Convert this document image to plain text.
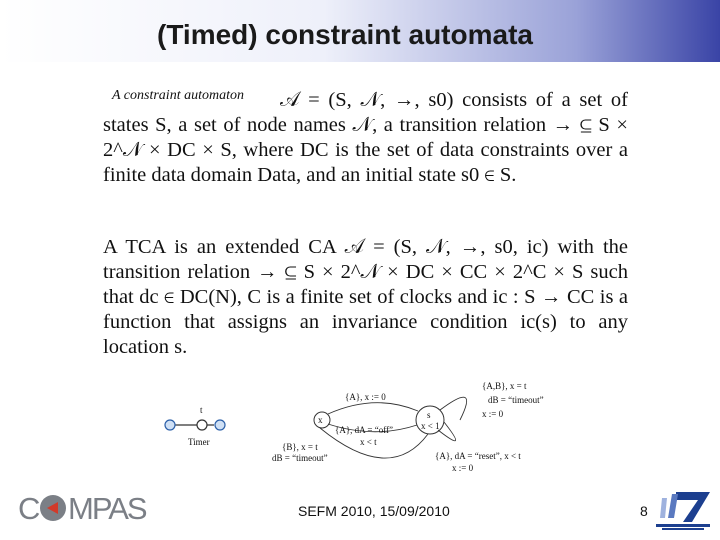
(Timed) constraint automata
A constraint automaton	𝒜 = (S, 𝒩, →, s0) consists of a set of states S, a set of node names 𝒩, a transition relation → ⊆ S × 2^𝒩 × DC × S, where DC is the set of data constraints over a finite data domain Data, and an initial state s0 ∈ S.
A TCA is an extended CA 𝒜 = (S, 𝒩, →, s0, ic) with the transition relation → ⊆ S × 2^𝒩 × DC × CC × 2^C × S such that dc ∈ DC(N), C is a finite set of clocks and ic : S → CC is a function that assigns an invariance condition ic(s) to any location s.
t
Timer
x	s
x < 1
{A}, x := 0
{A}, dA = “off”
x < t
{B}, x = t
dB = “timeout”
{A,B}, x = t
dB = “timeout”
x := 0
{A}, dA = “reset”, x < t
x := 0
C MPAS	SEFM 2010, 15/09/2010	8
